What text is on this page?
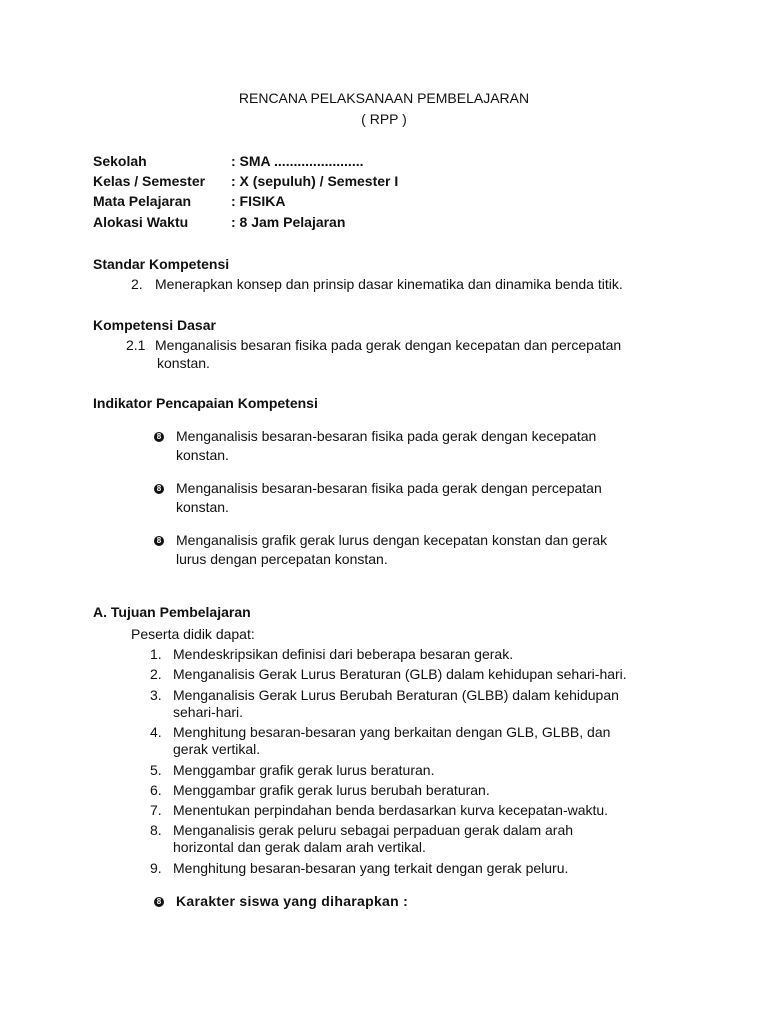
RENCANA PELAKSANAAN PEMBELAJARAN
( RPP )
Sekolah	: SMA .......................
Kelas / Semester : X (sepuluh) / Semester I
Mata Pelajaran	: FISIKA
Alokasi Waktu	: 8 Jam Pelajaran
Standar Kompetensi
2. Menerapkan konsep dan prinsip dasar kinematika dan dinamika benda titik.
Kompetensi Dasar
2.1 Menganalisis besaran fisika pada gerak dengan kecepatan dan percepatan
konstan.
Indikator Pencapaian Kompetensi
8 Menganalisis besaran-besaran fisika pada gerak dengan kecepatan
konstan.
8 Menganalisis besaran-besaran fisika pada gerak dengan percepatan
konstan.
8 Menganalisis grafik gerak lurus dengan kecepatan konstan dan gerak
lurus dengan percepatan konstan.
A. Tujuan Pembelajaran
Peserta didik dapat:
1. Mendeskripsikan definisi dari beberapa besaran gerak.
2. Menganalisis Gerak Lurus Beraturan (GLB) dalam kehidupan sehari-hari.
3. Menganalisis Gerak Lurus Berubah Beraturan (GLBB) dalam kehidupan
sehari-hari.
4. Menghitung besaran-besaran yang berkaitan dengan GLB, GLBB, dan
gerak vertikal.
5. Menggambar grafik gerak lurus beraturan.
6. Menggambar grafik gerak lurus berubah beraturan.
7. Menentukan perpindahan benda berdasarkan kurva kecepatan-waktu.
8. Menganalisis gerak peluru sebagai perpaduan gerak dalam arah
horizontal dan gerak dalam arah vertikal.
9. Menghitung besaran-besaran yang terkait dengan gerak peluru.
8 Karakter siswa yang diharapkan :
